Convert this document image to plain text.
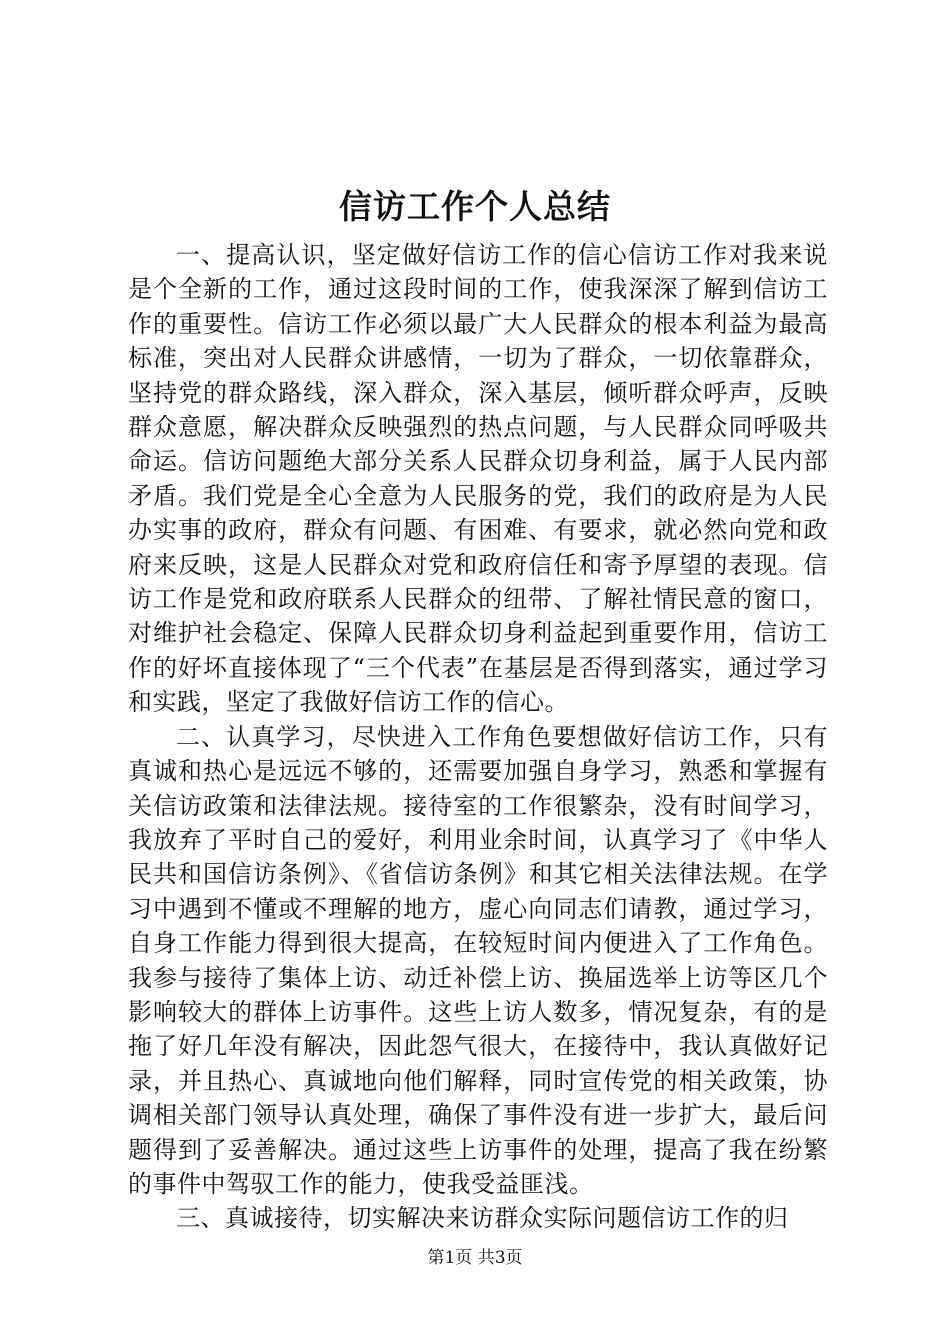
信访工作个人总结

一、提高认识，坚定做好信访工作的信心信访工作对我来说是个全新的工作，通过这段时间的工作，使我深深了解到信访工作的重要性。信访工作必须以最广大人民群众的根本利益为最高标准，突出对人民群众讲感情，一切为了群众，一切依靠群众，坚持党的群众路线，深入群众，深入基层，倾听群众呼声，反映群众意愿，解决群众反映强烈的热点问题，与人民群众同呼吸共命运。信访问题绝大部分关系人民群众切身利益，属于人民内部矛盾。我们党是全心全意为人民服务的党，我们的政府是为人民办实事的政府，群众有问题、有困难、有要求，就必然向党和政府来反映，这是人民群众对党和政府信任和寄予厚望的表现。信访工作是党和政府联系人民群众的纽带、了解社情民意的窗口，对维护社会稳定、保障人民群众切身利益起到重要作用，信访工作的好坏直接体现了“三个代表”在基层是否得到落实，通过学习和实践，坚定了我做好信访工作的信心。

二、认真学习，尽快进入工作角色要想做好信访工作，只有真诚和热心是远远不够的，还需要加强自身学习，熟悉和掌握有关信访政策和法律法规。接待室的工作很繁杂，没有时间学习，我放弃了平时自己的爱好，利用业余时间，认真学习了《中华人民共和国信访条例》、《省信访条例》和其它相关法律法规。在学习中遇到不懂或不理解的地方，虚心向同志们请教，通过学习，自身工作能力得到很大提高，在较短时间内便进入了工作角色。我参与接待了集体上访、动迁补偿上访、换届选举上访等区几个影响较大的群体上访事件。这些上访人数多，情况复杂，有的是拖了好几年没有解决，因此怨气很大，在接待中，我认真做好记录，并且热心、真诚地向他们解释，同时宣传党的相关政策，协调相关部门领导认真处理，确保了事件没有进一步扩大，最后问题得到了妥善解决。通过这些上访事件的处理，提高了我在纷繁的事件中驾驭工作的能力，使我受益匪浅。

三、真诚接待，切实解决来访群众实际问题信访工作的归

第1页 共3页
